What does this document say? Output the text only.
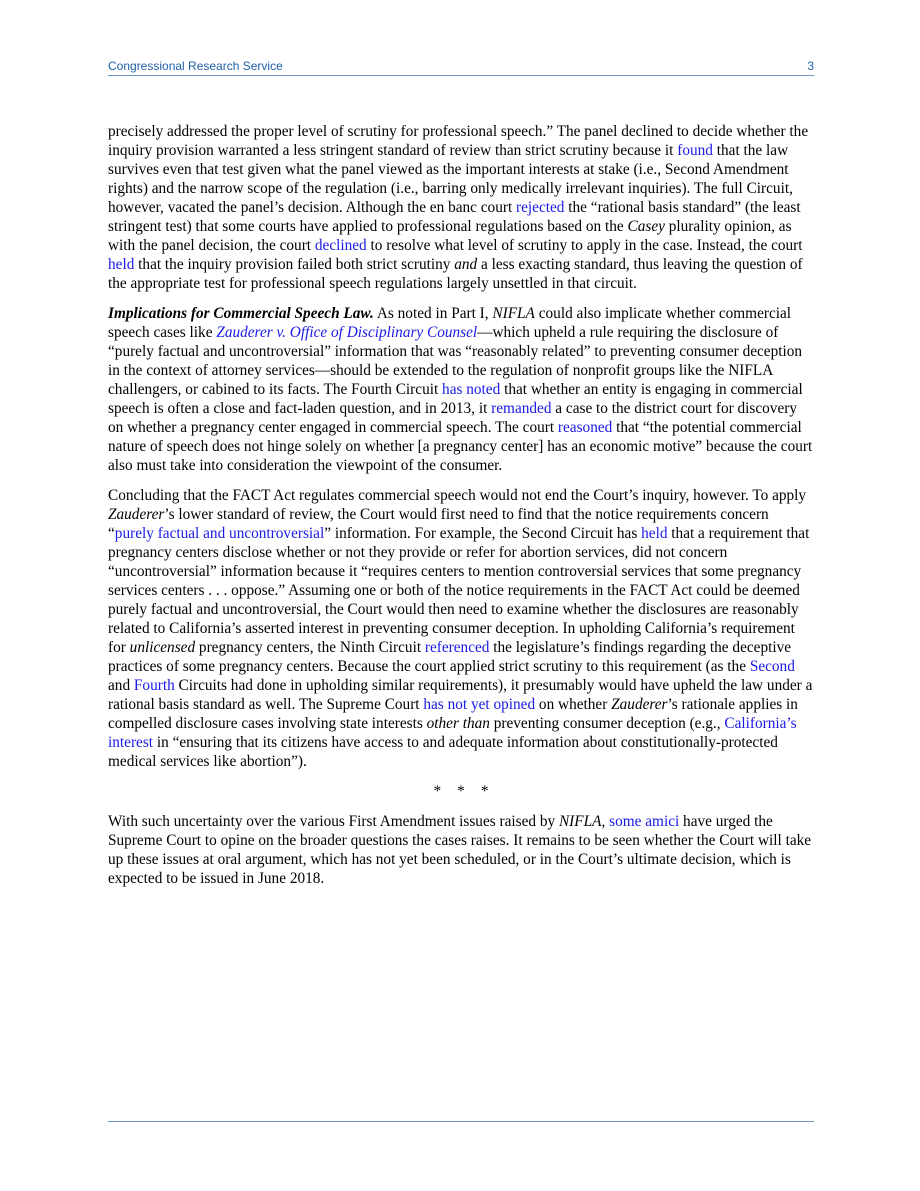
Congressional Research Service	3

precisely addressed the proper level of scrutiny for professional speech.” The panel declined to decide whether the inquiry provision warranted a less stringent standard of review than strict scrutiny because it found that the law survives even that test given what the panel viewed as the important interests at stake (i.e., Second Amendment rights) and the narrow scope of the regulation (i.e., barring only medically irrelevant inquiries). The full Circuit, however, vacated the panel’s decision. Although the en banc court rejected the “rational basis standard” (the least stringent test) that some courts have applied to professional regulations based on the Casey plurality opinion, as with the panel decision, the court declined to resolve what level of scrutiny to apply in the case. Instead, the court held that the inquiry provision failed both strict scrutiny and a less exacting standard, thus leaving the question of the appropriate test for professional speech regulations largely unsettled in that circuit.

Implications for Commercial Speech Law. As noted in Part I, NIFLA could also implicate whether commercial speech cases like Zauderer v. Office of Disciplinary Counsel—which upheld a rule requiring the disclosure of “purely factual and uncontroversial” information that was “reasonably related” to preventing consumer deception in the context of attorney services—should be extended to the regulation of nonprofit groups like the NIFLA challengers, or cabined to its facts. The Fourth Circuit has noted that whether an entity is engaging in commercial speech is often a close and fact-laden question, and in 2013, it remanded a case to the district court for discovery on whether a pregnancy center engaged in commercial speech. The court reasoned that “the potential commercial nature of speech does not hinge solely on whether [a pregnancy center] has an economic motive” because the court also must take into consideration the viewpoint of the consumer.

Concluding that the FACT Act regulates commercial speech would not end the Court’s inquiry, however. To apply Zauderer’s lower standard of review, the Court would first need to find that the notice requirements concern “purely factual and uncontroversial” information. For example, the Second Circuit has held that a requirement that pregnancy centers disclose whether or not they provide or refer for abortion services, did not concern “uncontroversial” information because it “requires centers to mention controversial services that some pregnancy services centers . . . oppose.” Assuming one or both of the notice requirements in the FACT Act could be deemed purely factual and uncontroversial, the Court would then need to examine whether the disclosures are reasonably related to California’s asserted interest in preventing consumer deception. In upholding California’s requirement for unlicensed pregnancy centers, the Ninth Circuit referenced the legislature’s findings regarding the deceptive practices of some pregnancy centers. Because the court applied strict scrutiny to this requirement (as the Second and Fourth Circuits had done in upholding similar requirements), it presumably would have upheld the law under a rational basis standard as well. The Supreme Court has not yet opined on whether Zauderer’s rationale applies in compelled disclosure cases involving state interests other than preventing consumer deception (e.g., California’s interest in “ensuring that its citizens have access to and adequate information about constitutionally-protected medical services like abortion”).

* * *

With such uncertainty over the various First Amendment issues raised by NIFLA, some amici have urged the Supreme Court to opine on the broader questions the cases raises. It remains to be seen whether the Court will take up these issues at oral argument, which has not yet been scheduled, or in the Court’s ultimate decision, which is expected to be issued in June 2018.
